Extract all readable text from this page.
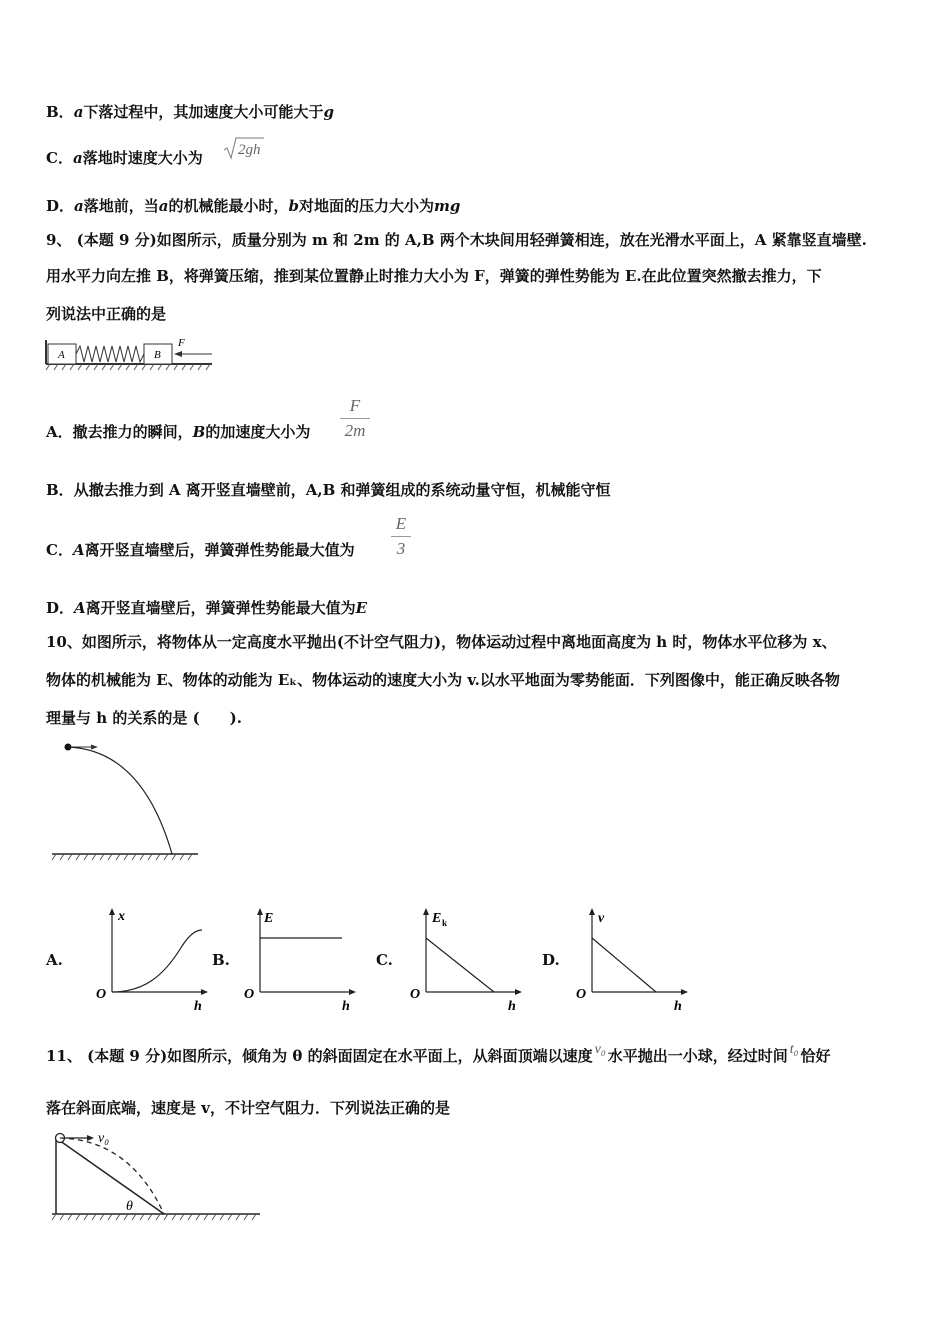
B．a下落过程中，其加速度大小可能大于g
C．a落地时速度大小为 2gh
D．a落地前，当a的机械能最小时，b对地面的压力大小为mg
9、 (本题 9 分)如图所示，质量分别为 m 和 2m 的 A,B 两个木块间用轻弹簧相连，放在光滑水平面上，A 紧靠竖直墙壁.
用水平力向左推 B，将弹簧压缩，推到某位置静止时推力大小为 F，弹簧的弹性势能为 E.在此位置突然撤去推力，下
列说法中正确的是
A	B
F
A．撤去推力的瞬间，B的加速度大小为 $\frac{F}{2m}$
B．从撤去推力到 A 离开竖直墙壁前，A,B 和弹簧组成的系统动量守恒，机械能守恒
C．A离开竖直墙壁后，弹簧弹性势能最大值为 $\frac{E}{3}$
D．A离开竖直墙壁后，弹簧弹性势能最大值为E
10、如图所示，将物体从一定高度水平抛出(不计空气阻力)，物体运动过程中离地面高度为 h 时，物体水平位移为 x、
物体的机械能为 E、物体的动能为 Eₖ、物体运动的速度大小为 v.以水平地面为零势能面．下列图像中，能正确反映各物
理量与 h 的关系的是 (　　).
A.
O
x
h
B.
O
E
h
C.
O
E k
h
D.
O
v
h
11、 (本题 9 分)如图所示，倾角为 θ 的斜面固定在水平面上，从斜面顶端以速度 v₀ 水平抛出一小球，经过时间 t₀ 恰好
落在斜面底端，速度是 v，不计空气阻力．下列说法正确的是
v₀
θ
